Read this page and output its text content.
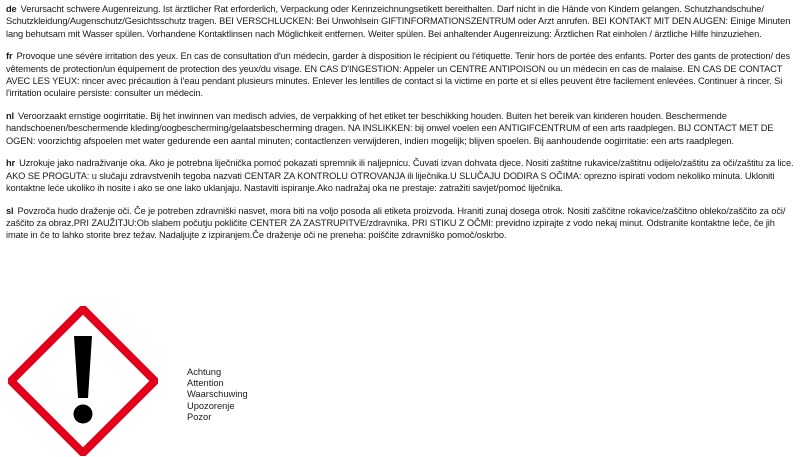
de Verursacht schwere Augenreizung. Ist ärztlicher Rat erforderlich, Verpackung oder Kennzeichnungsetikett bereithalten. Darf nicht in die Hände von Kindern gelangen. Schutzhandschuhe/ Schutzkleidung/Augenschutz/Gesichtsschutz tragen. BEI VERSCHLUCKEN: Bei Unwohlsein GIFTINFORMATIONSZENTRUM oder Arzt anrufen. BEI KONTAKT MIT DEN AUGEN: Einige Minuten lang behutsam mit Wasser spülen. Vorhandene Kontaktlinsen nach Möglichkeit entfernen. Weiter spülen. Bei anhaltender Augenreizung: Ärztlichen Rat einholen / ärztliche Hilfe hinzuziehen.

fr Provoque une sévère irritation des yeux. En cas de consultation d'un médecin, garder à disposition le récipient ou l'étiquette. Tenir hors de portée des enfants. Porter des gants de protection/ des vêtements de protection/un équipement de protection des yeux/du visage. EN CAS D'INGESTION: Appeler un CENTRE ANTIPOISON ou un médecin en cas de malaise. EN CAS DE CONTACT AVEC LES YEUX: rincer avec précaution à l'eau pendant plusieurs minutes. Enlever les lentilles de contact si la victime en porte et si elles peuvent être facilement enlevées. Continuer à rincer. Si l'irritation oculaire persiste: consulter un médecin.

nl Veroorzaakt ernstige oogirritatie. Bij het inwinnen van medisch advies, de verpakking of het etiket ter beschikking houden. Buiten het bereik van kinderen houden. Beschermende handschoenen/beschermende kleding/oogbescherming/gelaatsbescherming dragen. NA INSLIKKEN: bij onwel voelen een ANTIGIFCENTRUM of een arts raadplegen. BIJ CONTACT MET DE OGEN: voorzichtig afspoelen met water gedurende een aantal minuten; contactlenzen verwijderen, indien mogelijk; blijven spoelen. Bij aanhoudende oogirritatie: een arts raadplegen.

hr Uzrokuje jako nadraživanje oka. Ako je potrebna liječnička pomoć pokazati spremnik ili naljepnicu. Čuvati izvan dohvata djece. Nositi zaštitne rukavice/zaštitnu odijelo/zaštitu za oči/zaštitu za lice. AKO SE PROGUTA: u slučaju zdravstvenih tegoba nazvati CENTAR ZA KONTROLU OTROVANJA ili liječnika.U SLUČAJU DODIRA S OČIMA: oprezno ispirati vodom nekoliko minuta. Ukloniti kontaktne leće ukoliko ih nosite i ako se one lako uklanjaju. Nastaviti ispiranje.Ako nadražaj oka ne prestaje: zatražiti savjet/pomoć liječnika.

sl Povzroča hudo draženje oči. Če je potreben zdravniški nasvet, mora biti na voljo posoda ali etiketa proizvoda. Hraniti zunaj dosega otrok. Nositi zaščitne rokavice/zaščitno obleko/zaščito za oči/ zaščito za obraz.PRI ZAUŽITJU:Ob slabem počutju pokličite CENTER ZA ZASTRUPITVE/zdravnika. PRI STIKU Z OČMI: previdno izpirajte z vodo nekaj minut. Odstranite kontaktne leče, če jih imate in če to lahko storite brez težav. Nadaljujte z izpiranjem.Če draženje oči ne preneha: poiščite zdravniško pomoč/oskrbo.

Achtung
Attention
Waarschuwing
Upozorenje
Pozor
